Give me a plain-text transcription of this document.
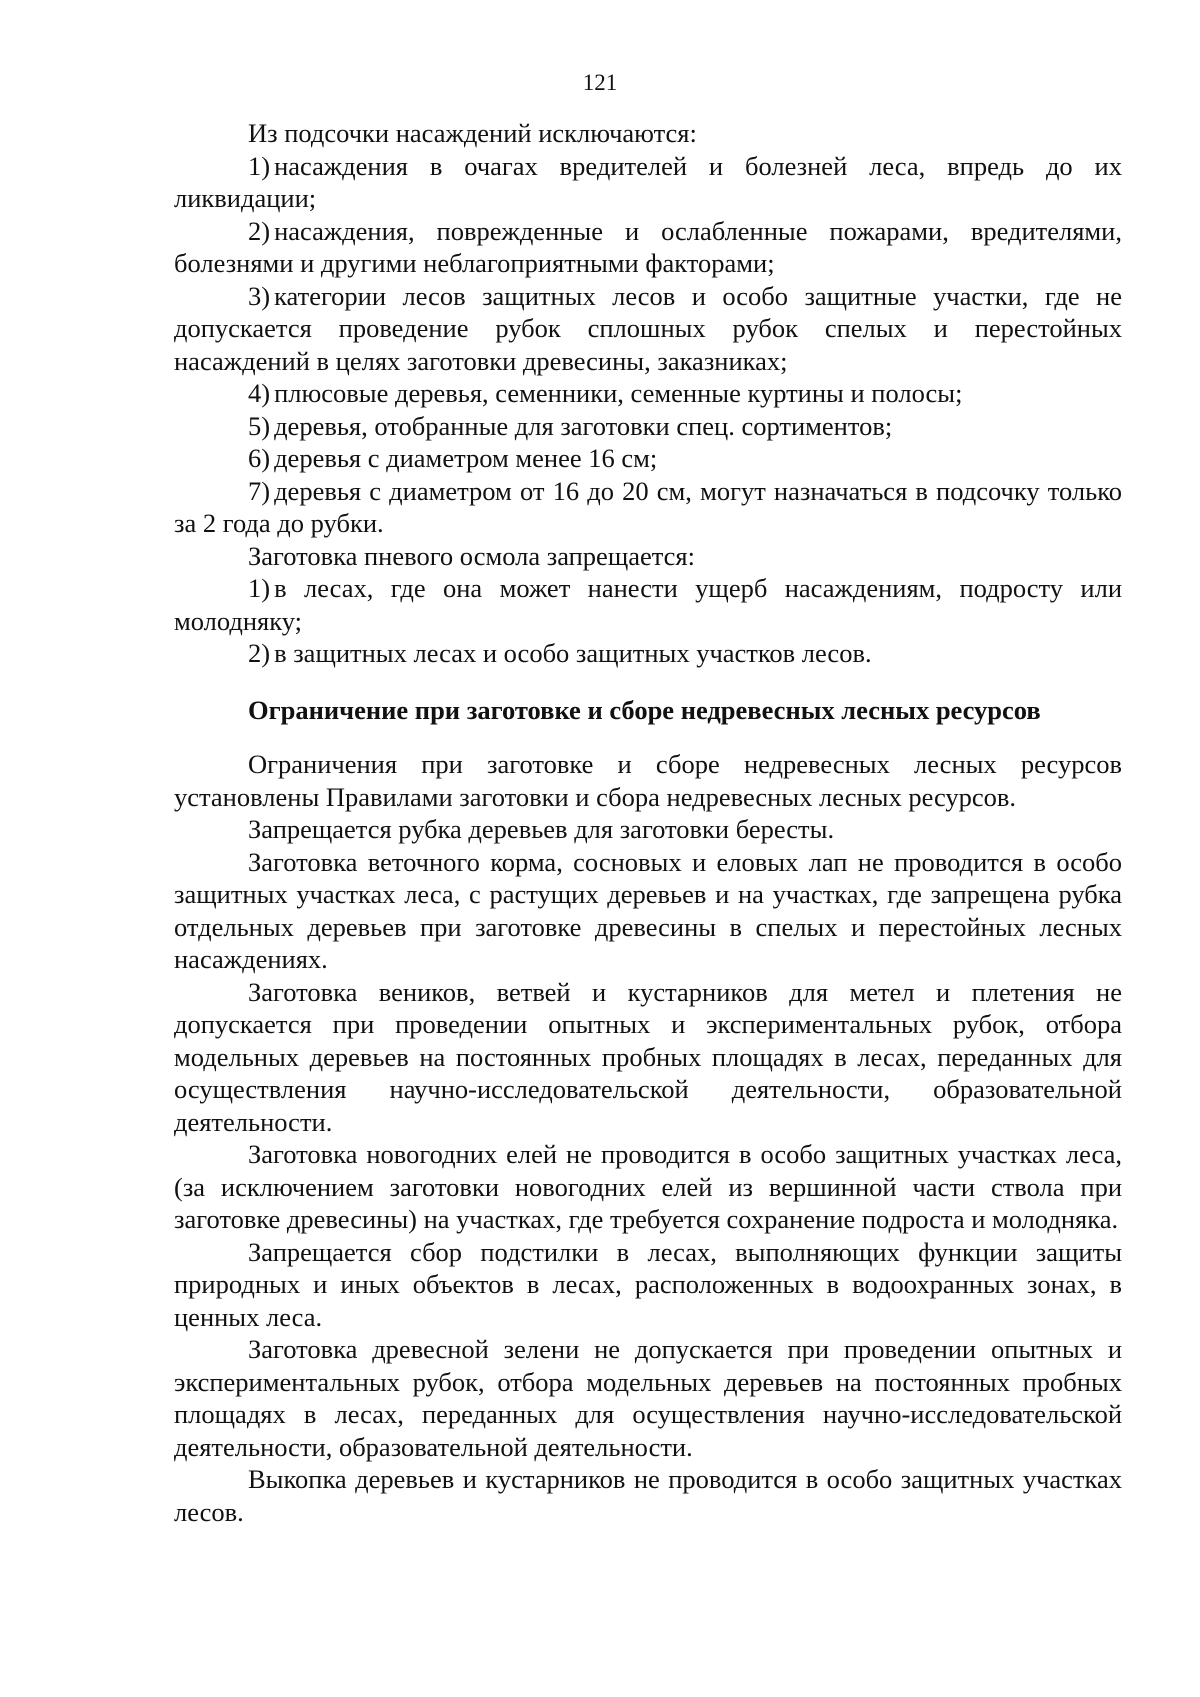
121

Из подсочки насаждений исключаются:

1) насаждения в очагах вредителей и болезней леса, впредь до их ликвидации;

2) насаждения, поврежденные и ослабленные пожарами, вредителями, болезнями и другими неблагоприятными факторами;

3) категории лесов защитных лесов и особо защитные участки, где не допускается проведение рубок сплошных рубок спелых и перестойных насаждений в целях заготовки древесины, заказниках;

4) плюсовые деревья, семенники, семенные куртины и полосы;

5) деревья, отобранные для заготовки спец. сортиментов;

6) деревья с диаметром менее 16 см;

7) деревья с диаметром от 16 до 20 см, могут назначаться в подсочку только за 2 года до рубки.

Заготовка пневого осмола запрещается:

1) в лесах, где она может нанести ущерб насаждениям, подросту или молодняку;

2) в защитных лесах и особо защитных участков лесов.

Ограничение при заготовке и сборе недревесных лесных ресурсов

Ограничения при заготовке и сборе недревесных лесных ресурсов установлены Правилами заготовки и сбора недревесных лесных ресурсов.

Запрещается рубка деревьев для заготовки бересты.

Заготовка веточного корма, сосновых и еловых лап не проводится в особо защитных участках леса, с растущих деревьев и на участках, где запрещена рубка отдельных деревьев при заготовке древесины в спелых и перестойных лесных насаждениях.

Заготовка веников, ветвей и кустарников для метел и плетения не допускается при проведении опытных и экспериментальных рубок, отбора модельных деревьев на постоянных пробных площадях в лесах, переданных для осуществления научно-исследовательской деятельности, образовательной деятельности.

Заготовка новогодних елей не проводится в особо защитных участках леса, (за исключением заготовки новогодних елей из вершинной части ствола при заготовке древесины) на участках, где требуется сохранение подроста и молодняка.

Запрещается сбор подстилки в лесах, выполняющих функции защиты природных и иных объектов в лесах, расположенных в водоохранных зонах, в ценных леса.

Заготовка древесной зелени не допускается при проведении опытных и экспериментальных рубок, отбора модельных деревьев на постоянных пробных площадях в лесах, переданных для осуществления научно-исследовательской деятельности, образовательной деятельности.

Выкопка деревьев и кустарников не проводится в особо защитных участках лесов.
